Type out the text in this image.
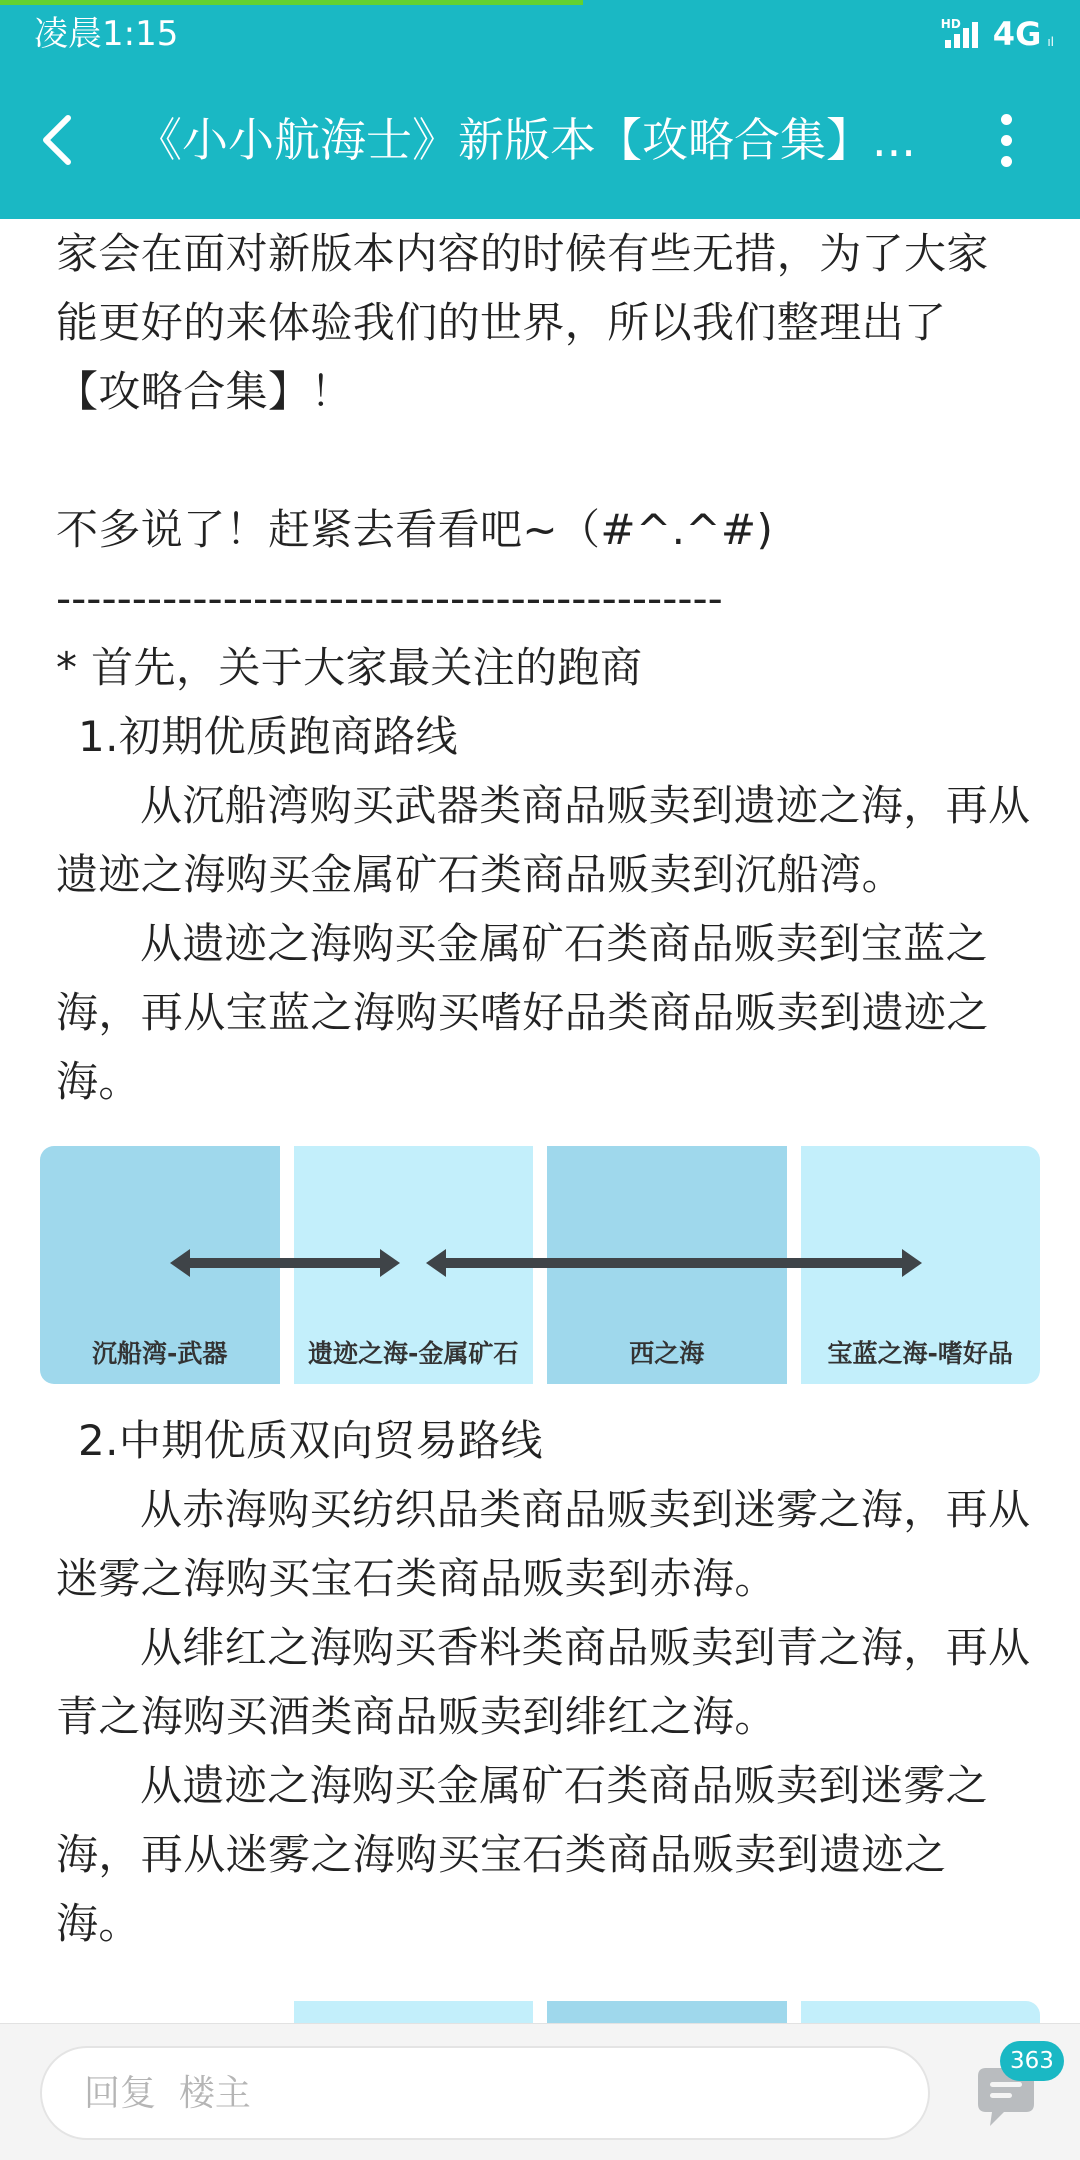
凌晨1:15	HD 4G ıl
《小小航海士》新版本【攻略合集】...
家会在面对新版本内容的时候有些无措，为了大家
能更好的来体验我们的世界，所以我们整理出了
【攻略合集】！
不多说了！赶紧去看看吧~（#^.^#)
--------------------------------------------
* 首先，关于大家最关注的跑商
1.初期优质跑商路线
从沉船湾购买武器类商品贩卖到遗迹之海，再从
遗迹之海购买金属矿石类商品贩卖到沉船湾。
从遗迹之海购买金属矿石类商品贩卖到宝蓝之
海，再从宝蓝之海购买嗜好品类商品贩卖到遗迹之
海。
沉船湾-武器	遗迹之海-金属矿石	西之海	宝蓝之海-嗜好品
2.中期优质双向贸易路线
从赤海购买纺织品类商品贩卖到迷雾之海，再从
迷雾之海购买宝石类商品贩卖到赤海。
从绯红之海购买香料类商品贩卖到青之海，再从
青之海购买酒类商品贩卖到绯红之海。
从遗迹之海购买金属矿石类商品贩卖到迷雾之
海，再从迷雾之海购买宝石类商品贩卖到遗迹之
海。
回复 楼主
363
